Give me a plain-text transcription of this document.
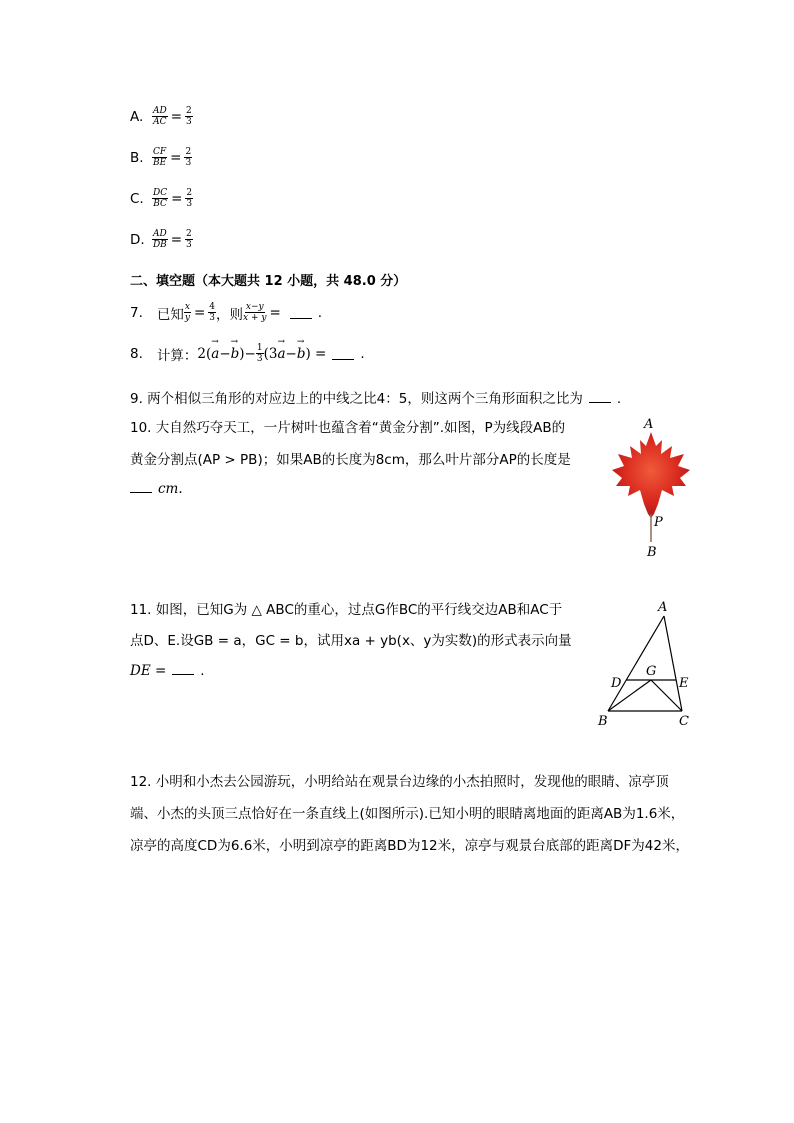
A. $\frac{AD}{AC} = \frac{2}{3}$
B. $\frac{CF}{BE} = \frac{2}{3}$
C. $\frac{DC}{BC} = \frac{2}{3}$
D. $\frac{AD}{DB} = \frac{2}{3}$
二、填空题（本大题共 12 小题，共 48.0 分）
7. 已知 $\frac{x}{y} = \frac{4}{3}$ ，则 $\frac{x-y}{x + y}$ =	.
8. 计算： 2(
→ a −
→ b )− $\frac{1}{3} (3$
→ a −
→ b ) =	.
9. 两个相似三角形的对应边上的中线之比4：5，则这两个三角形面积之比为	.
10. 大自然巧夺天工，一片树叶也蕴含着“黄金分割”.如图，P为线段AB的
黄金分割点(AP > PB)；如果AB的长度为8cm，那么叶片部分AP的长度是
cm.
A
P
B
11. 如图，已知G为 △ ABC的重心，过点G作BC的平行线交边AB和AC于
点D、E.设GB = a，GC = b，试用xa + yb(x、y为实数)的形式表示向量
DE =	.
A
G
D	E
B	C
12. 小明和小杰去公园游玩，小明给站在观景台边缘的小杰拍照时，发现他的眼睛、凉亭顶
端、小杰的头顶三点恰好在一条直线上(如图所示).已知小明的眼睛离地面的距离AB为1.6米，
凉亭的高度CD为6.6米，小明到凉亭的距离BD为12米，凉亭与观景台底部的距离DF为42米，
